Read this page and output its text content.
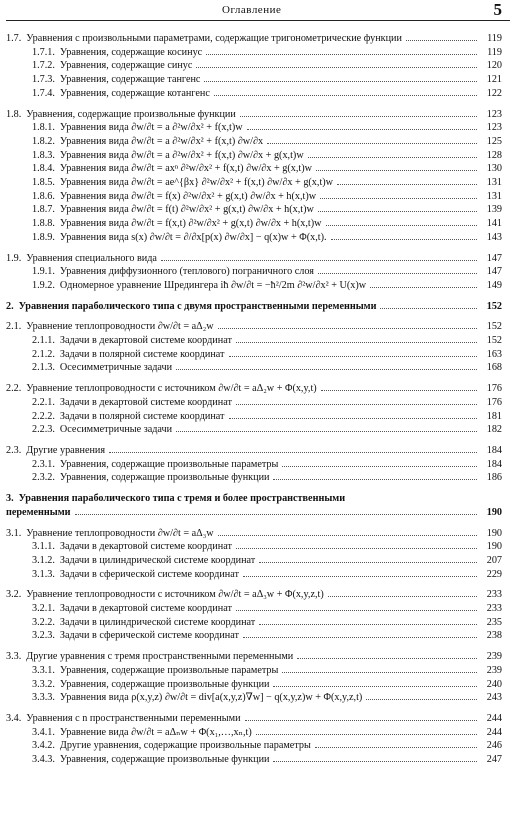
Оглавление	5
1.7. Уравнения с произвольными параметрами, содержащие тригонометрические функции	119
1.7.1. Уравнения, содержащие косинус	119
1.7.2. Уравнения, содержащие синус	120
1.7.3. Уравнения, содержащие тангенс	121
1.7.4. Уравнения, содержащие котангенс	122
1.8. Уравнения, содержащие произвольные функции	123
1.8.1. Уравнения вида ∂w/∂t = a ∂²w/∂x² + f(x,t)w	123
1.8.2. Уравнения вида ∂w/∂t = a ∂²w/∂x² + f(x,t) ∂w/∂x	125
1.8.3. Уравнения вида ∂w/∂t = a ∂²w/∂x² + f(x,t) ∂w/∂x + g(x,t)w	128
1.8.4. Уравнения вида ∂w/∂t = axⁿ ∂²w/∂x² + f(x,t) ∂w/∂x + g(x,t)w	130
1.8.5. Уравнения вида ∂w/∂t = ae^{βx} ∂²w/∂x² + f(x,t) ∂w/∂x + g(x,t)w	131
1.8.6. Уравнения вида ∂w/∂t = f(x) ∂²w/∂x² + g(x,t) ∂w/∂x + h(x,t)w	131
1.8.7. Уравнения вида ∂w/∂t = f(t) ∂²w/∂x² + g(x,t) ∂w/∂x + h(x,t)w	139
1.8.8. Уравнения вида ∂w/∂t = f(x,t) ∂²w/∂x² + g(x,t) ∂w/∂x + h(x,t)w	141
1.8.9. Уравнения вида s(x) ∂w/∂t = ∂/∂x[p(x) ∂w/∂x] − q(x)w + Φ(x,t).	143
1.9. Уравнения специального вида	147
1.9.1. Уравнения диффузионного (теплового) пограничного слоя	147
1.9.2. Одномерное уравнение Шредингера iħ ∂w/∂t = −ħ²/2m ∂²w/∂x² + U(x)w	149
2. Уравнения параболического типа с двумя пространственными переменными	152
2.1. Уравнение теплопроводности ∂w/∂t = aΔ₂w	152
2.1.1. Задачи в декартовой системе координат	152
2.1.2. Задачи в полярной системе координат	163
2.1.3. Осесимметричные задачи	168
2.2. Уравнение теплопроводности с источником ∂w/∂t = aΔ₂w + Φ(x,y,t)	176
2.2.1. Задачи в декартовой системе координат	176
2.2.2. Задачи в полярной системе координат	181
2.2.3. Осесимметричные задачи	182
2.3. Другие уравнения	184
2.3.1. Уравнения, содержащие произвольные параметры	184
2.3.2. Уравнения, содержащие произвольные функции	186
3. Уравнения параболического типа с тремя и более пространственными
переменными	190
3.1. Уравнение теплопроводности ∂w/∂t = aΔ₃w	190
3.1.1. Задачи в декартовой системе координат	190
3.1.2. Задачи в цилиндрической системе координат	207
3.1.3. Задачи в сферической системе координат	229
3.2. Уравнение теплопроводности с источником ∂w/∂t = aΔ₃w + Φ(x,y,z,t)	233
3.2.1. Задачи в декартовой системе координат	233
3.2.2. Задачи в цилиндрической системе координат	235
3.2.3. Задачи в сферической системе координат	238
3.3. Другие уравнения с тремя пространственными переменными	239
3.3.1. Уравнения, содержащие произвольные параметры	239
3.3.2. Уравнения, содержащие произвольные функции	240
3.3.3. Уравнения вида ρ(x,y,z) ∂w/∂t = div[a(x,y,z)∇w] − q(x,y,z)w + Φ(x,y,z,t)	243
3.4. Уравнения с n пространственными переменными	244
3.4.1. Уравнение вида ∂w/∂t = aΔₙw + Φ(x₁,…,xₙ,t)	244
3.4.2. Другие уравнения, содержащие произвольные параметры	246
3.4.3. Уравнения, содержащие произвольные функции	247
